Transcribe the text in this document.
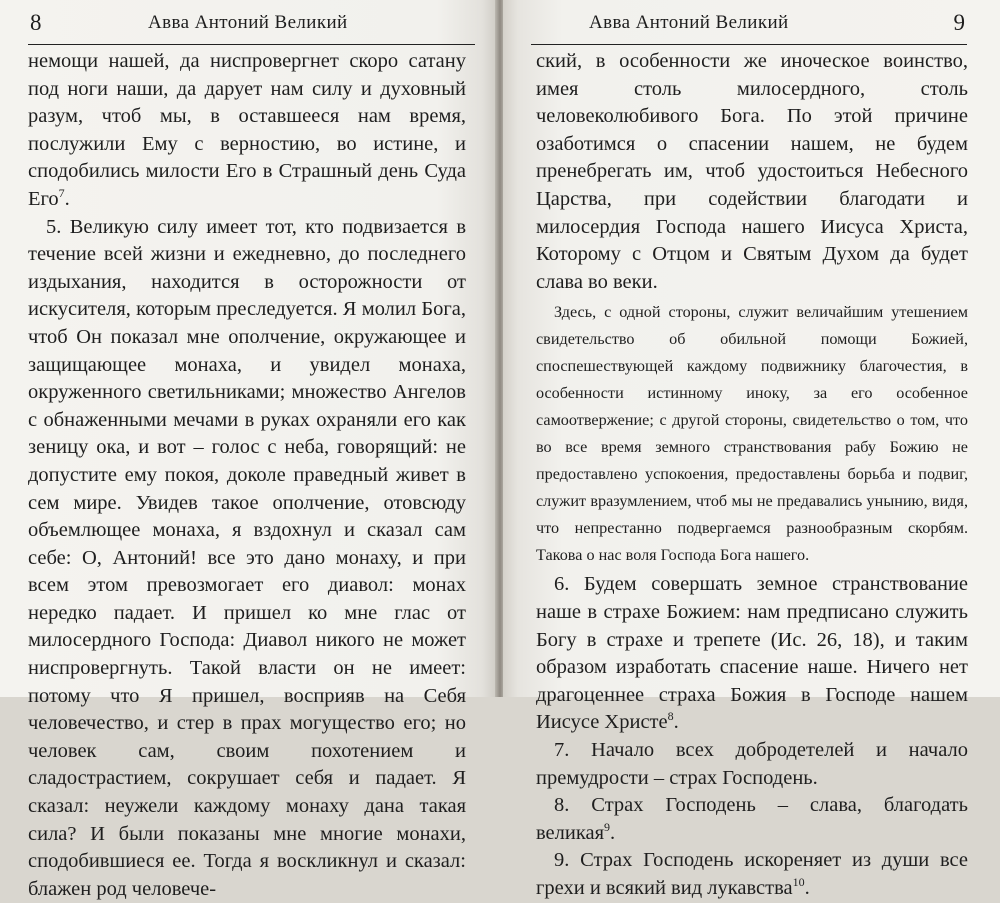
8	Авва Антоний Великий

немощи нашей, да ниспровергнет скоро сатану под ноги наши, да дарует нам силу и духовный разум, чтоб мы, в оставшееся нам время, послужили Ему с верностию, во истине, и сподобились милости Его в Страшный день Суда Его$^7$.

5. Великую силу имеет тот, кто подвизается в течение всей жизни и ежедневно, до последнего издыхания, находится в осторожности от искусителя, которым преследуется. Я молил Бога, чтоб Он показал мне ополчение, окружающее и защищающее монаха, и увидел монаха, окруженного светильниками; множество Ангелов с обнаженными мечами в руках охраняли его как зеницу ока, и вот – голос с неба, говорящий: не допустите ему покоя, доколе праведный живет в сем мире. Увидев такое ополчение, отовсюду объемлющее монаха, я вздохнул и сказал сам себе: О, Антоний! все это дано монаху, и при всем этом превозмогает его диавол: монах нередко падает. И пришел ко мне глас от милосердного Господа: Диавол никого не может ниспровергнуть. Такой власти он не имеет: потому что Я пришел, восприяв на Себя человечество, и стер в прах могущество его; но человек сам, своим похотением и сладострастием, сокрушает себя и падает. Я сказал: неужели каждому монаху дана такая сила? И были показаны мне многие монахи, сподобившиеся ее. Тогда я воскликнул и сказал: блажен род человече-

Авва Антоний Великий	9

ский, в особенности же иноческое воинство, имея столь милосердного, столь человеколюбивого Бога. По этой причине озаботимся о спасении нашем, не будем пренебрегать им, чтоб удостоиться Небесного Царства, при содействии благодати и милосердия Господа нашего Иисуса Христа, Которому с Отцом и Святым Духом да будет слава во веки.

Здесь, с одной стороны, служит величайшим утешением свидетельство об обильной помощи Божией, споспешествующей каждому подвижнику благочестия, в особенности истинному иноку, за его особенное самоотвержение; с другой стороны, свидетельство о том, что во все время земного странствования рабу Божию не предоставлено успокоения, предоставлены борьба и подвиг, служит вразумлением, чтоб мы не предавались унынию, видя, что непрестанно подвергаемся разнообразным скорбям. Такова о нас воля Господа Бога нашего.

6. Будем совершать земное странствование наше в страхе Божием: нам предписано служить Богу в страхе и трепете (Ис. 26, 18), и таким образом изработать спасение наше. Ничего нет драгоценнее страха Божия в Господе нашем Иисусе Христе$^8$.

7. Начало всех добродетелей и начало премудрости – страх Господень.

8. Страх Господень – слава, благодать великая$^9$.

9. Страх Господень искореняет из души все грехи и всякий вид лукавства$^{10}$.
